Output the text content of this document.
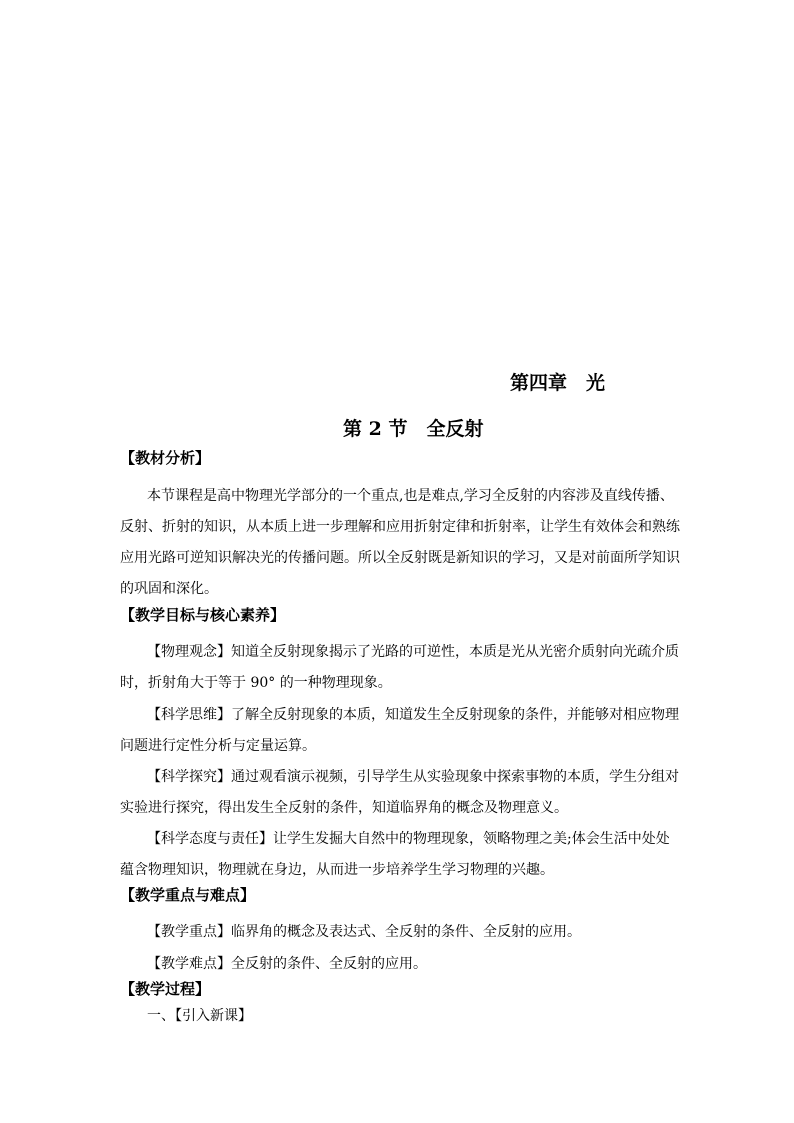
第四章　光
第 2 节　全反射
【教材分析】
本节课程是高中物理光学部分的一个重点,也是难点,学习全反射的内容涉及直线传播、
反射、折射的知识，从本质上进一步理解和应用折射定律和折射率，让学生有效体会和熟练
应用光路可逆知识解决光的传播问题。所以全反射既是新知识的学习，又是对前面所学知识
的巩固和深化。
【教学目标与核心素养】
【物理观念】知道全反射现象揭示了光路的可逆性，本质是光从光密介质射向光疏介质
时，折射角大于等于 90° 的一种物理现象。
【科学思维】了解全反射现象的本质，知道发生全反射现象的条件，并能够对相应物理
问题进行定性分析与定量运算。
【科学探究】通过观看演示视频，引导学生从实验现象中探索事物的本质，学生分组对
实验进行探究，得出发生全反射的条件，知道临界角的概念及物理意义。
【科学态度与责任】让学生发掘大自然中的物理现象，领略物理之美;体会生活中处处
蕴含物理知识，物理就在身边，从而进一步培养学生学习物理的兴趣。
【教学重点与难点】
【教学重点】临界角的概念及表达式、全反射的条件、全反射的应用。
【教学难点】全反射的条件、全反射的应用。
【教学过程】
一、【引入新课】
